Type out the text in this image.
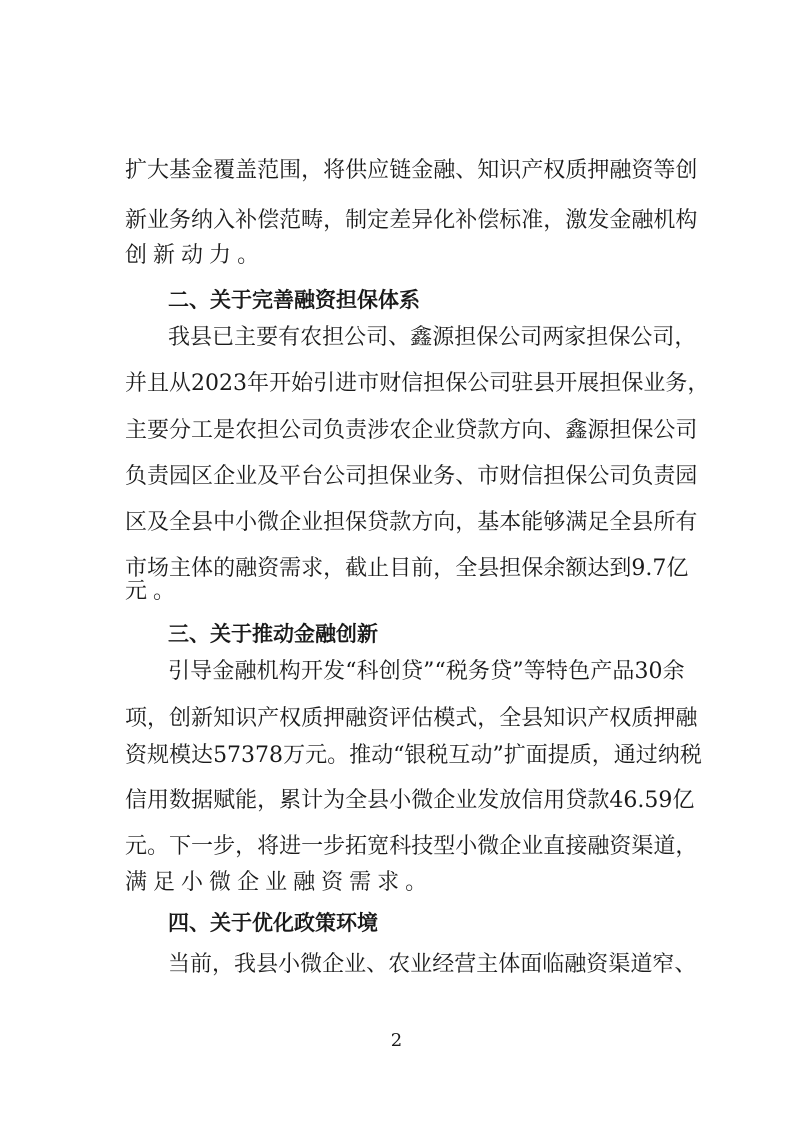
扩 大 基 金 覆 盖 范 围 ， 将 供 应 链 金 融 、 知 识 产 权 质 押 融 资 等 创
新 业 务 纳 入 补 偿 范 畴 ， 制 定 差 异 化 补 偿 标 准 ， 激 发 金 融 机 构
创 新 动 力 。
二、关于完善融资担保体系
我 县 已 主 要 有 农 担 公 司 、 鑫 源 担 保 公 司 两 家 担 保 公 司 ，
并 且 从 2023 年 开 始 引 进 市 财 信 担 保 公 司 驻 县 开 展 担 保 业 务 ，
主 要 分 工 是 农 担 公 司 负 责 涉 农 企 业 贷 款 方 向 、 鑫 源 担 保 公 司
负 责 园 区 企 业 及 平 台 公 司 担 保 业 务 、 市 财 信 担 保 公 司 负 责 园
区 及 全 县 中 小 微 企 业 担 保 贷 款 方 向 ， 基 本 能 够 满 足 全 县 所 有
市 场 主 体 的 融 资 需 求 ， 截 止 目 前 ， 全 县 担 保 余 额 达 到 9.7 亿
元 。
三、关于推动金融创新
引 导 金 融 机 构 开 发 “ 科 创 贷 ” “ 税 务 贷 ” 等 特 色 产 品 30 余
项 ， 创 新 知 识 产 权 质 押 融 资 评 估 模 式 ， 全 县 知 识 产 权 质 押 融
资 规 模 达 57378 万 元 。 推 动 “ 银 税 互 动 ” 扩 面 提 质 ， 通 过 纳 税
信 用 数 据 赋 能 ， 累 计 为 全 县 小 微 企 业 发 放 信 用 贷 款 46.59 亿
元 。 下 一 步 ， 将 进 一 步 拓 宽 科 技 型 小 微 企 业 直 接 融 资 渠 道 ，
满 足 小 微 企 业 融 资 需 求 。
四、关于优化政策环境
当 前 ， 我 县 小 微 企 业 、 农 业 经 营 主 体 面 临 融 资 渠 道 窄 、
2
